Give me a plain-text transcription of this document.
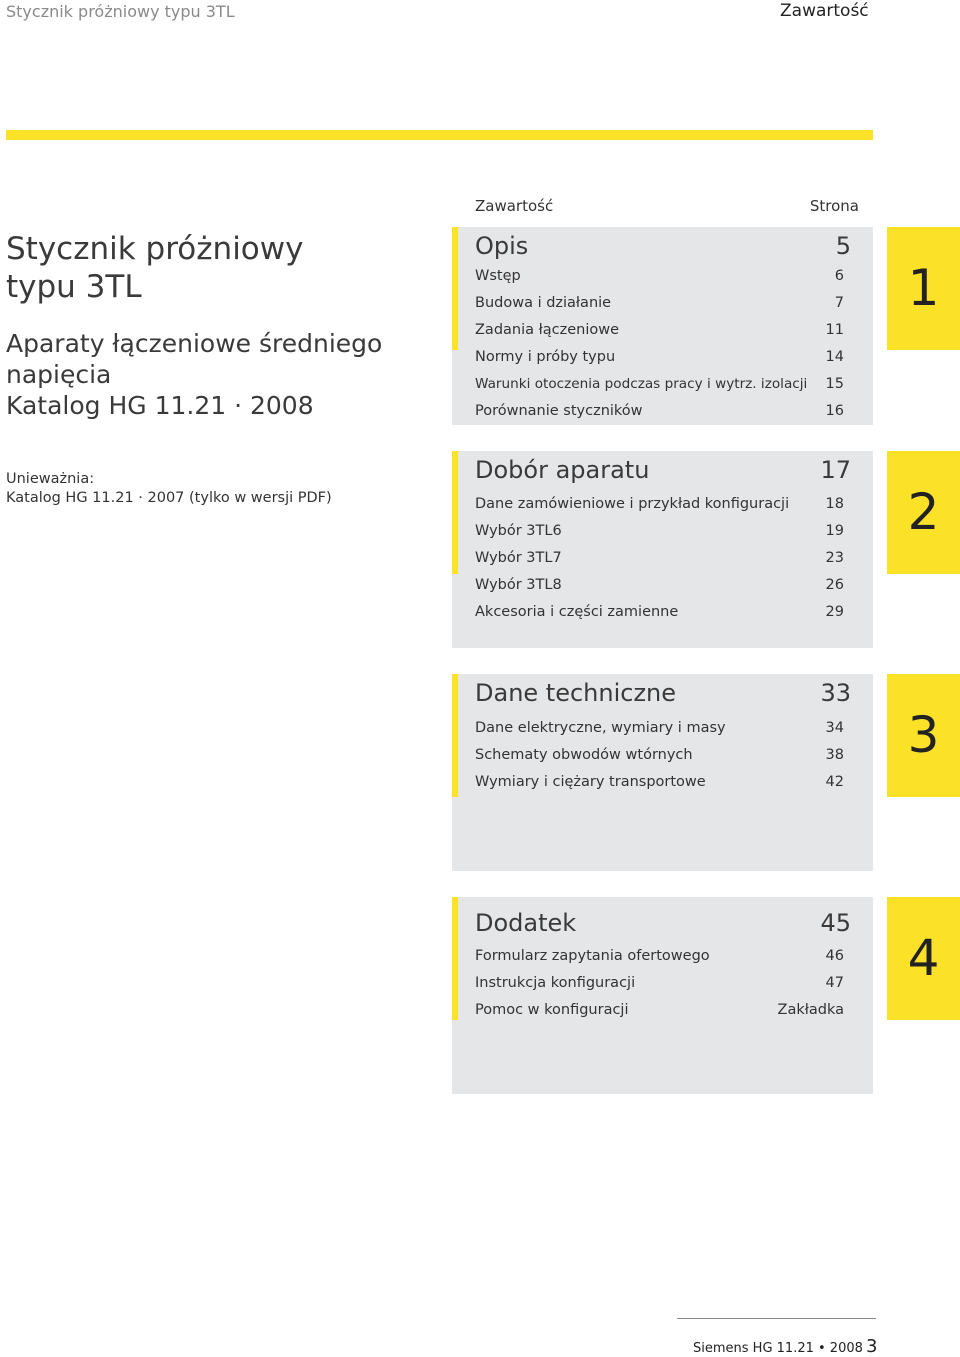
Stycznik próżniowy typu 3TL	Zawartość
Stycznik próżniowy
typu 3TL
Aparaty łączeniowe średniego
napięcia
Katalog HG 11.21 · 2008
Unieważnia:
Katalog HG 11.21 · 2007 (tylko w wersji PDF)
Zawartość	Strona
Opis	5
Wstęp	6
Budowa i działanie	7
Zadania łączeniowe	11
Normy i próby typu	14
Warunki otoczenia podczas pracy i wytrz. izolacji 15
Porównanie styczników	16
1
Dobór aparatu	17
Dane zamówieniowe i przykład konfiguracji	18
Wybór 3TL6	19
Wybór 3TL7	23
Wybór 3TL8	26
Akcesoria i części zamienne	29
2
Dane techniczne	33
Dane elektryczne, wymiary i masy	34
Schematy obwodów wtórnych	38
Wymiary i ciężary transportowe	42
3
Dodatek	45
Formularz zapytania ofertowego	46
Instrukcja konfiguracji	47
Pomoc w konfiguracji	Zakładka
4
Siemens HG 11.21 • 2008 3
